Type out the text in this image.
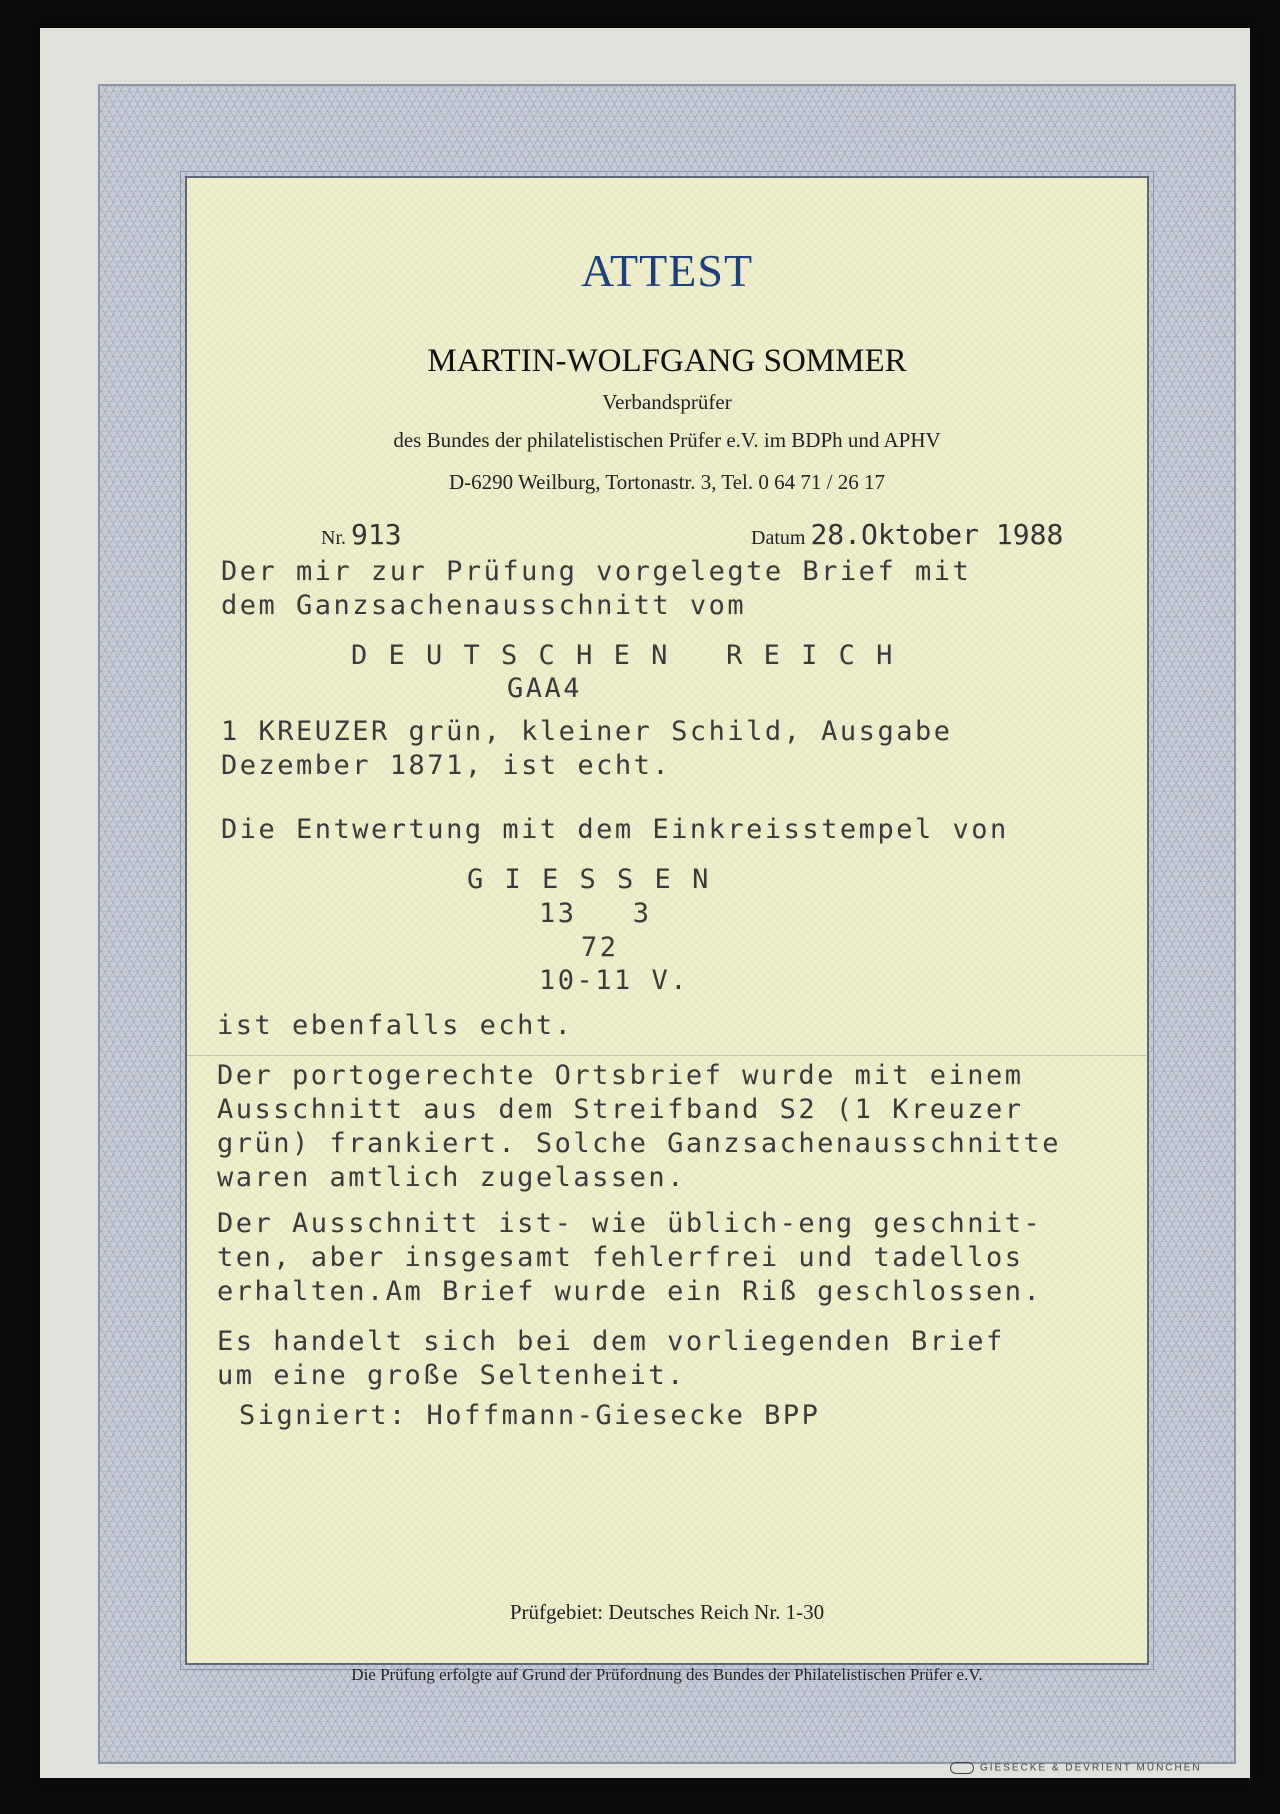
ATTEST
MARTIN-WOLFGANG SOMMER
Verbandsprüfer
des Bundes der philatelistischen Prüfer e.V. im BDPh und APHV
D-6290 Weilburg, Tortonastr. 3, Tel. 0 64 71 / 26 17
Nr. 913	Datum 28.Oktober 1988
Der mir zur Prüfung vorgelegte Brief mit
dem Ganzsachenausschnitt vom
D E U T S C H E N   R E I C H
GAA4
1 KREUZER grün, kleiner Schild, Ausgabe
Dezember 1871, ist echt.
Die Entwertung mit dem Einkreisstempel von
G I E S S E N
13   3
72
10-11 V.
ist ebenfalls echt.
Der portogerechte Ortsbrief wurde mit einem
Ausschnitt aus dem Streifband S2 (1 Kreuzer
grün) frankiert. Solche Ganzsachenausschnitte
waren amtlich zugelassen.
Der Ausschnitt ist- wie üblich-eng geschnit-
ten, aber insgesamt fehlerfrei und tadellos
erhalten.Am Brief wurde ein Riß geschlossen.
Es handelt sich bei dem vorliegenden Brief
um eine große Seltenheit.
Signiert: Hoffmann-Giesecke BPP
Prüfgebiet: Deutsches Reich Nr. 1-30
Die Prüfung erfolgte auf Grund der Prüfordnung des Bundes der Philatelistischen Prüfer e.V.
GIESECKE & DEVRIENT MÜNCHEN
